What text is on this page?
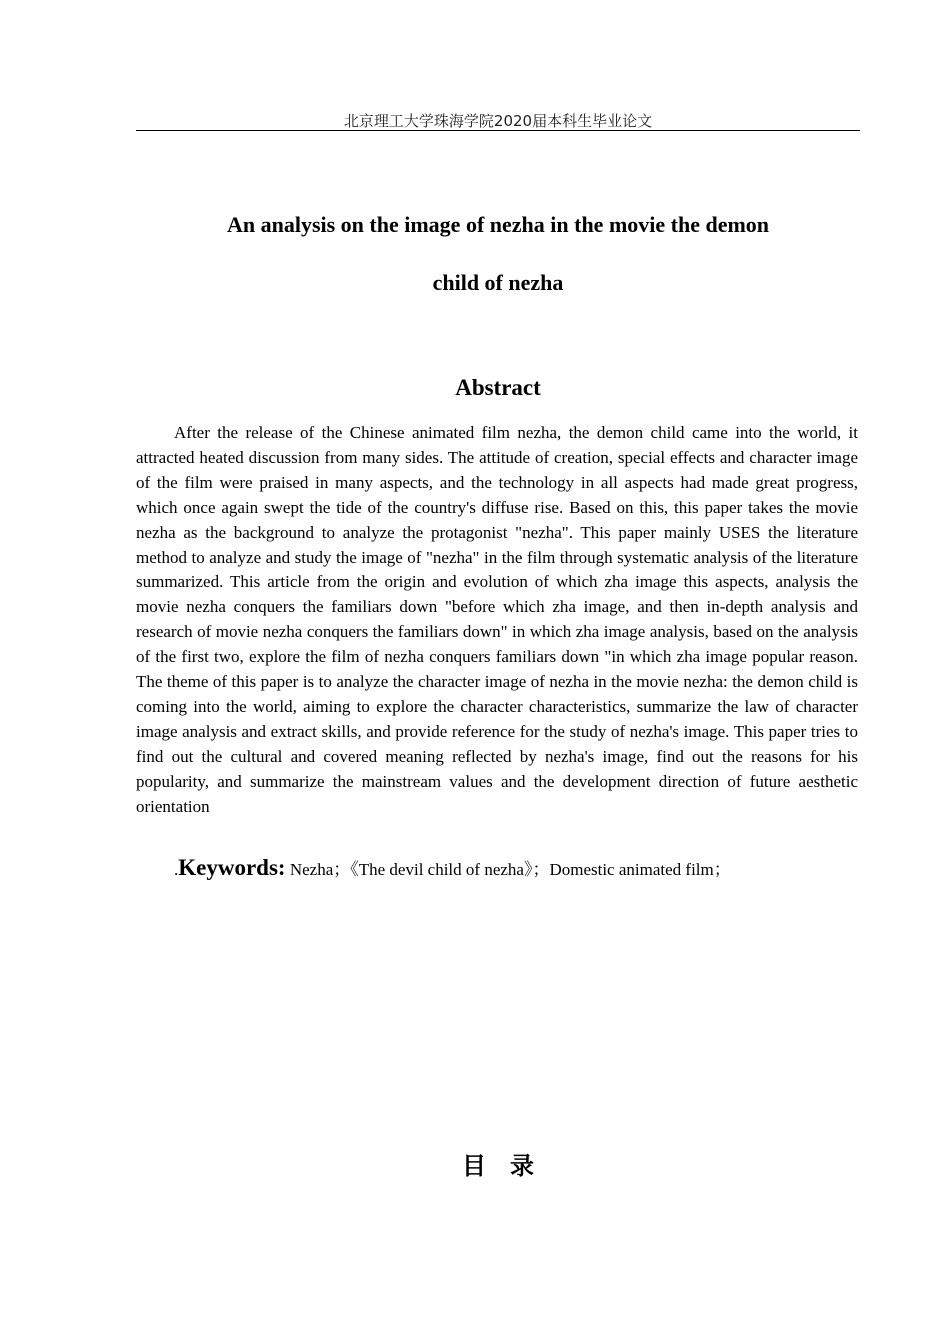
北京理工大学珠海学院2020届本科生毕业论文
An analysis on the image of nezha in the movie the demon
child of nezha
Abstract

After the release of the Chinese animated film nezha, the demon child came into the world, it attracted heated discussion from many sides. The attitude of creation, special effects and character image of the film were praised in many aspects, and the technology in all aspects had made great progress, which once again swept the tide of the country's diffuse rise. Based on this, this paper takes the movie nezha as the background to analyze the protagonist "nezha". This paper mainly USES the literature method to analyze and study the image of "nezha" in the film through systematic analysis of the literature summarized. This article from the origin and evolution of which zha image this aspects, analysis the movie nezha conquers the familiars down "before which zha image, and then in-depth analysis and research of movie nezha conquers the familiars down" in which zha image analysis, based on the analysis of the first two, explore the film of nezha conquers familiars down "in which zha image popular reason. The theme of this paper is to analyze the character image of nezha in the movie nezha: the demon child is coming into the world, aiming to explore the character characteristics, summarize the law of character image analysis and extract skills, and provide reference for the study of nezha's image. This paper tries to find out the cultural and covered meaning reflected by nezha's image, find out the reasons for his popularity, and summarize the mainstream values and the development direction of future aesthetic orientation

.Keywords: Nezha；《The devil child of nezha》；Domestic animated film；
目录
